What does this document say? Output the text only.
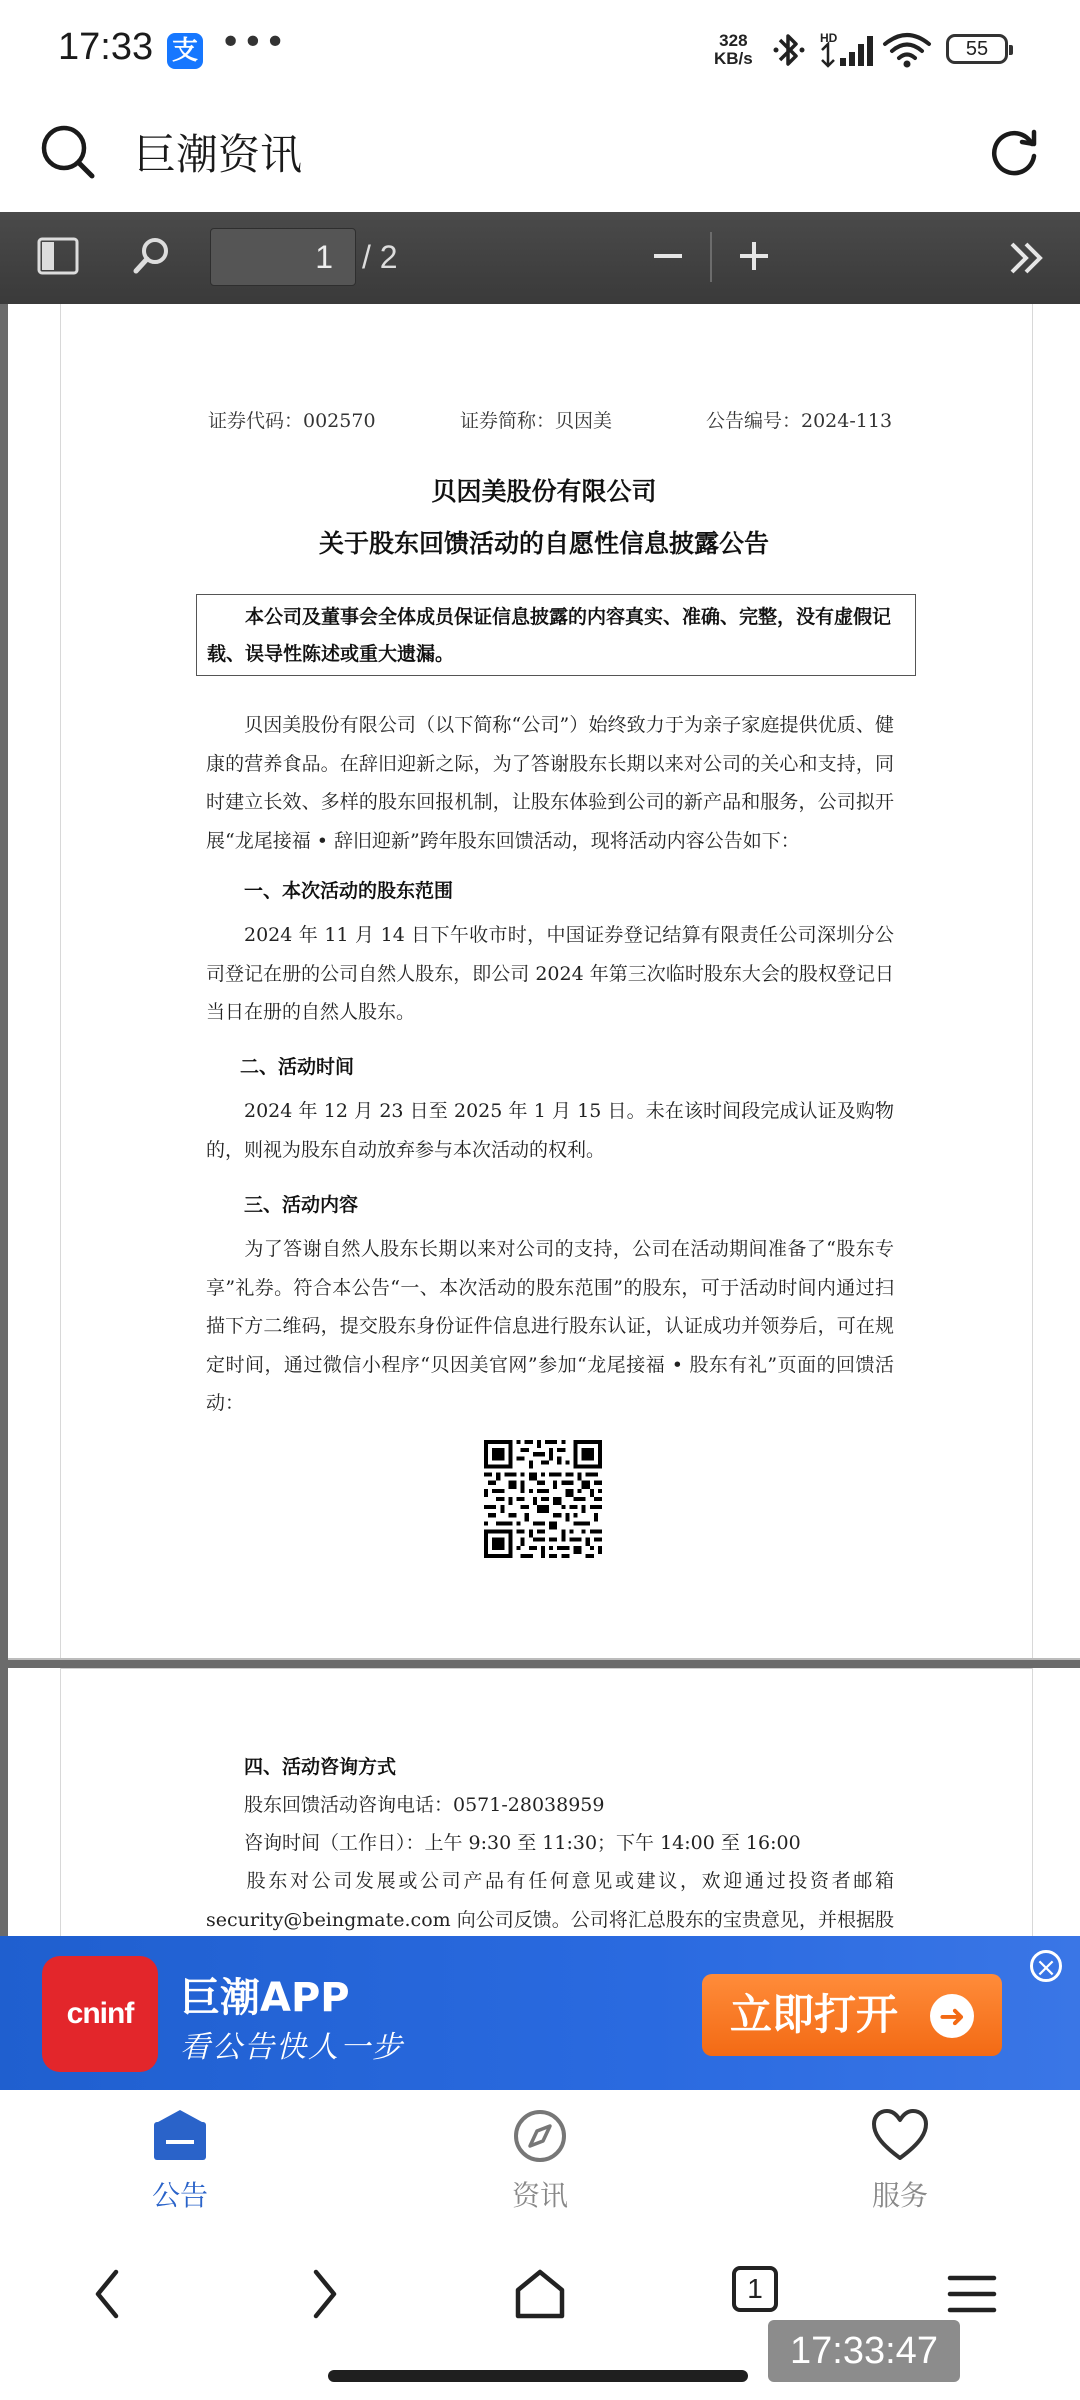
17:33 支 •••	328
KB/s
HD	55
巨潮资讯
1 / 2
证券代码：002570	证券简称：贝因美	公告编号：2024-113
贝因美股份有限公司
关于股东回馈活动的自愿性信息披露公告
本公司及董事会全体成员保证信息披露的内容真实、准确、完整，没有虚假记载、误导性陈述或重大遗漏。
贝因美股份有限公司（以下简称“公司”）始终致力于为亲子家庭提供优质、健康的营养食品。在辞旧迎新之际，为了答谢股东长期以来对公司的关心和支持，同时建立长效、多样的股东回报机制，让股东体验到公司的新产品和服务，公司拟开展“龙尾接福 • 辞旧迎新”跨年股东回馈活动，现将活动内容公告如下：
一、本次活动的股东范围
2024 年 11 月 14 日下午收市时，中国证券登记结算有限责任公司深圳分公司登记在册的公司自然人股东，即公司 2024 年第三次临时股东大会的股权登记日当日在册的自然人股东。
二、活动时间
2024 年 12 月 23 日至 2025 年 1 月 15 日。未在该时间段完成认证及购物的，则视为股东自动放弃参与本次活动的权利。
三、活动内容
为了答谢自然人股东长期以来对公司的支持，公司在活动期间准备了“股东专享”礼券。符合本公告“一、本次活动的股东范围”的股东，可于活动时间内通过扫描下方二维码，提交股东身份证件信息进行股东认证，认证成功并领券后，可在规定时间，通过微信小程序“贝因美官网”参加“龙尾接福 • 股东有礼”页面的回馈活动：
四、活动咨询方式
股东回馈活动咨询电话：0571-28038959
咨询时间（工作日）：上午 9:30 至 11:30；下午 14:00 至 16:00
股东对公司发展或公司产品有任何意见或建议，欢迎通过投资者邮箱security@beingmate.com 向公司反馈。公司将汇总股东的宝贵意见，并根据股
cninf	巨潮APP
看公告快人一步
立即打开 ➜
×
公告	资讯	服务
1
17:33:47
